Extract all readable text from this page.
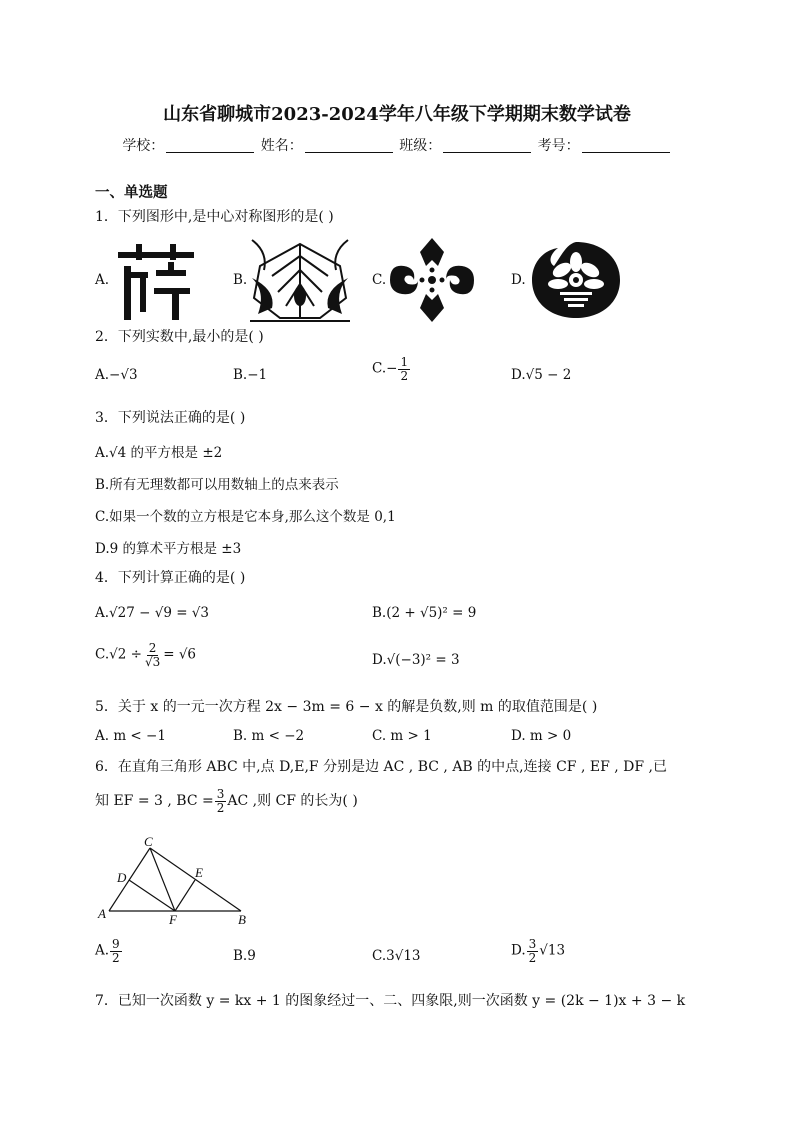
山东省聊城市2023-2024学年八年级下学期期末数学试卷
学校：	姓名：	班级：	考号：
一、单选题
1．下列图形中,是中心对称图形的是( )
A.	B.	C.	D.
2．下列实数中,最小的是( )
A.−√3	B.−1	$C.- \frac{1}{2}$	D.√5 − 2
3．下列说法正确的是( )
A.√4 的平方根是 ±2
B.所有无理数都可以用数轴上的点来表示
C.如果一个数的立方根是它本身,那么这个数是 0,1
D.9 的算术平方根是 ±3
4．下列计算正确的是( )
A.√27 − √9 = √3	B.(2 + √5)² = 9
$C.√2 \div \frac{2}{√3} = √6$	D.√(−3)² = 3
5．关于 x 的一元一次方程 2x − 3m = 6 − x 的解是负数,则 m 的取值范围是( )
A. m < −1	B. m < −2	C. m > 1	D. m > 0
6．在直角三角形 ABC 中,点 D,E,F 分别是边 AC , BC , AB 的中点,连接 CF , EF , DF ,已
知 EF = 3 , BC = $\frac{3}{2}$ AC ,则 CF 的长为( )
C
D	E
A	F	B
A. $\frac{9}{2}$	B.9	C.3√13	D. $\frac{3}{2} √13$
7．已知一次函数 y = kx + 1 的图象经过一、二、四象限,则一次函数 y = (2k − 1)x + 3 − k
